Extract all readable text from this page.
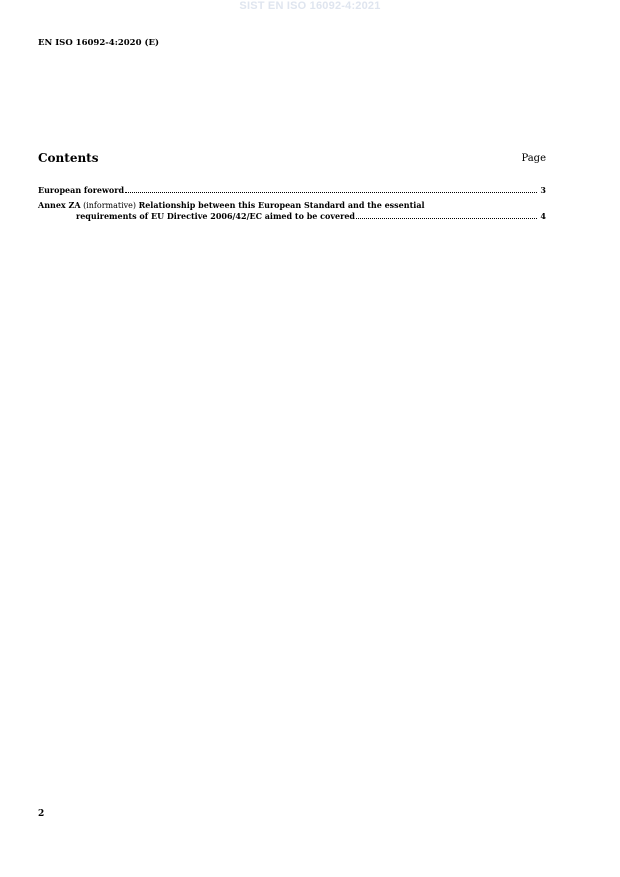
SIST EN ISO 16092-4:2021
EN ISO 16092-4:2020 (E)
Contents	Page
European foreword	3
Annex ZA (informative) Relationship between this European Standard and the essential
requirements of EU Directive 2006/42/EC aimed to be covered	4
2
